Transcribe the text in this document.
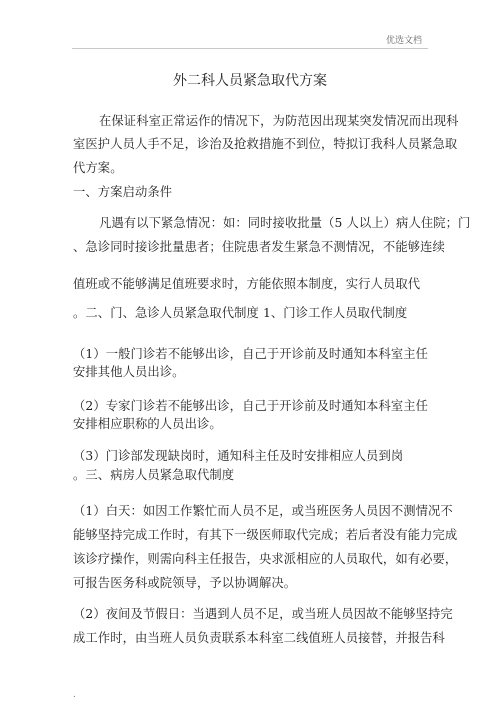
优选文档
外二科人员紧急取代方案
在保证科室正常运作的情况下，为防范因出现某突发情况而出现科
室医护人员人手不足，诊治及抢救措施不到位，特拟订我科人员紧急取
代方案。
一、方案启动条件
凡遇有以下紧急情况：如：同时接收批量（5 人以上）病人住院；门
、急诊同时接诊批量患者；住院患者发生紧急不测情况，不能够连续
值班或不能够满足值班要求时，方能依照本制度，实行人员取代
。二、门、急诊人员紧急取代制度 1、门诊工作人员取代制度
（1）一般门诊若不能够出诊，自己于开诊前及时通知本科室主任
安排其他人员出诊。
（2）专家门诊若不能够出诊，自己于开诊前及时通知本科室主任
安排相应职称的人员出诊。
（3）门诊部发现缺岗时，通知科主任及时安排相应人员到岗
。三、病房人员紧急取代制度
（1）白天：如因工作繁忙而人员不足，或当班医务人员因不测情况不
能够坚持完成工作时，有其下一级医师取代完成；若后者没有能力完成
该诊疗操作，则需向科主任报告，央求派相应的人员取代，如有必要，
可报告医务科或院领导，予以协调解决。
（2）夜间及节假日：当遇到人员不足，或当班人员因故不能够坚持完
成工作时，由当班人员负责联系本科室二线值班人员接替，并报告科
.
